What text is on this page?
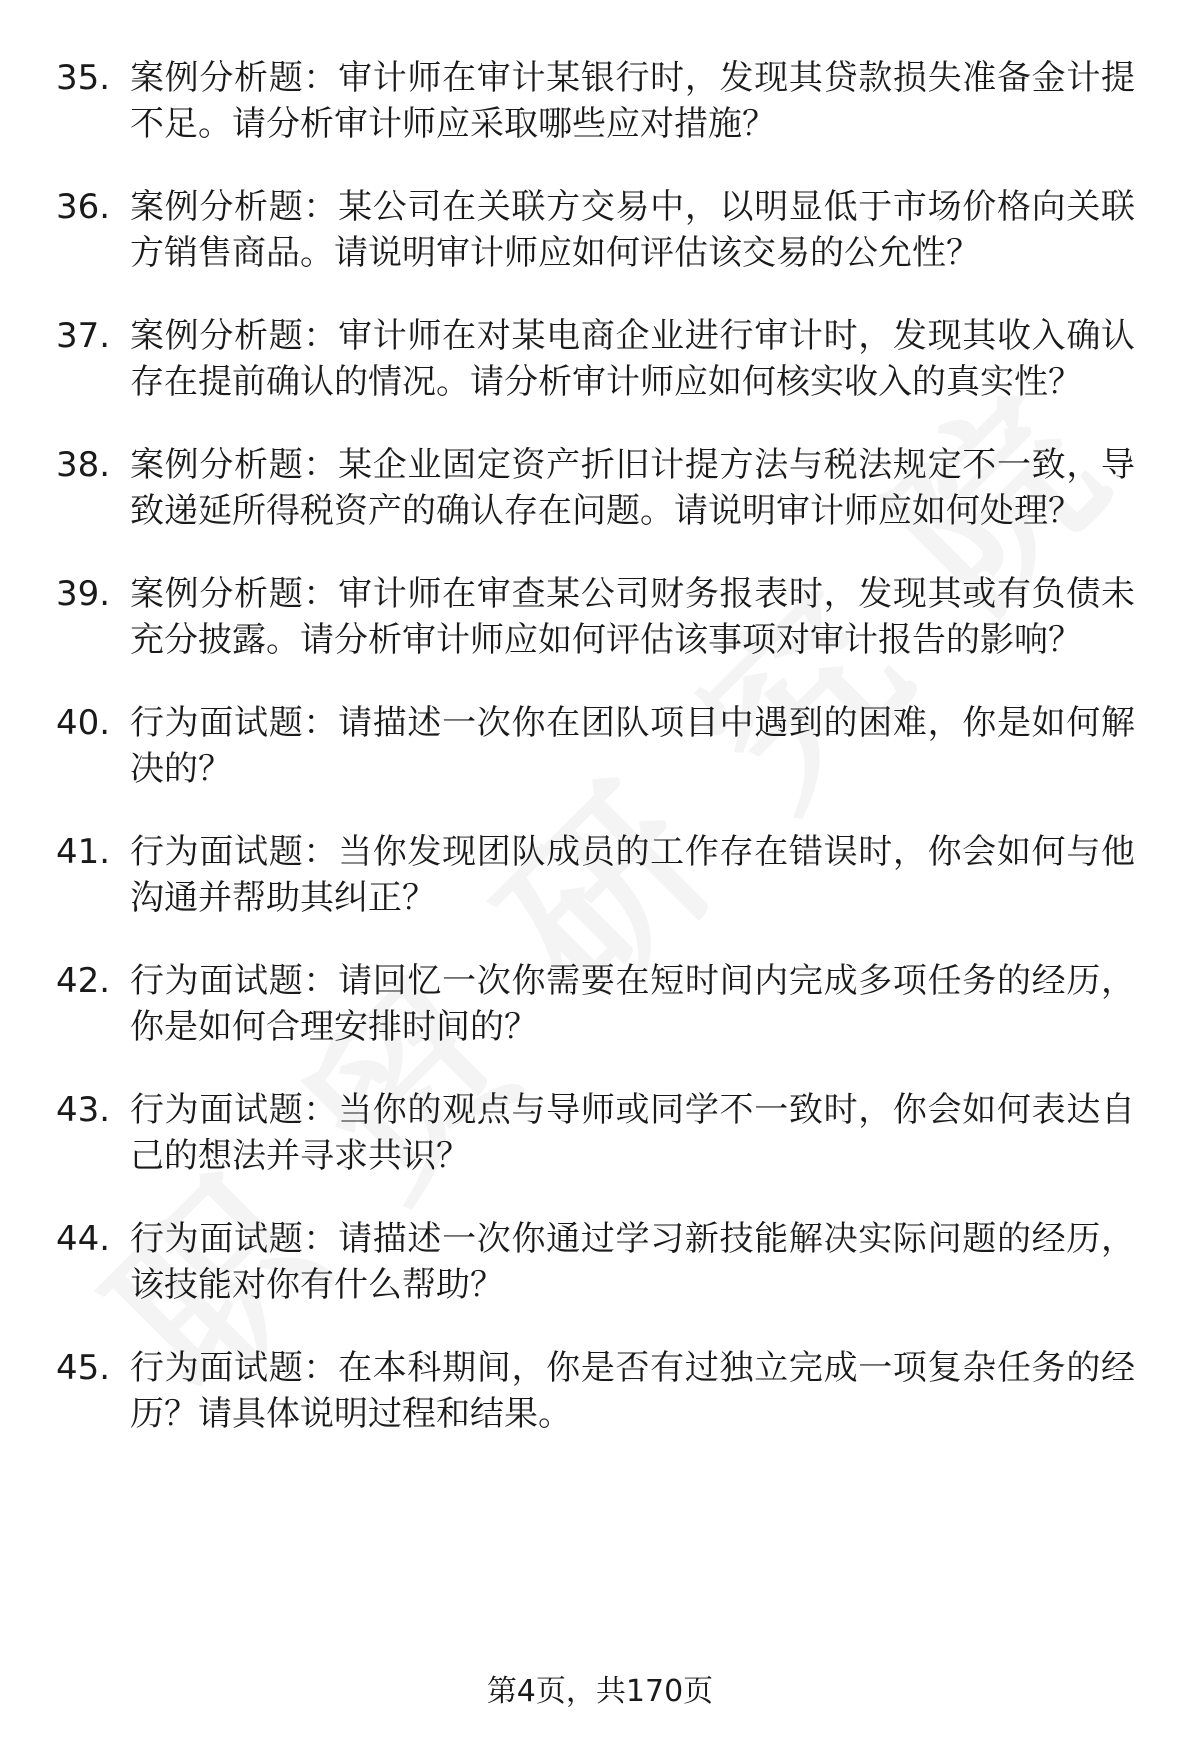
35. 案例分析题：审计师在审计某银行时，发现其贷款损失准备金计提不足。请分析审计师应采取哪些应对措施？
36. 案例分析题：某公司在关联方交易中，以明显低于市场价格向关联方销售商品。请说明审计师应如何评估该交易的公允性？
37. 案例分析题：审计师在对某电商企业进行审计时，发现其收入确认存在提前确认的情况。请分析审计师应如何核实收入的真实性？
38. 案例分析题：某企业固定资产折旧计提方法与税法规定不一致，导致递延所得税资产的确认存在问题。请说明审计师应如何处理？
39. 案例分析题：审计师在审查某公司财务报表时，发现其或有负债未充分披露。请分析审计师应如何评估该事项对审计报告的影响？
40. 行为面试题：请描述一次你在团队项目中遇到的困难，你是如何解决的？
41. 行为面试题：当你发现团队成员的工作存在错误时，你会如何与他沟通并帮助其纠正？
42. 行为面试题：请回忆一次你需要在短时间内完成多项任务的经历，你是如何合理安排时间的？
43. 行为面试题：当你的观点与导师或同学不一致时，你会如何表达自己的想法并寻求共识？
44. 行为面试题：请描述一次你通过学习新技能解决实际问题的经历，该技能对你有什么帮助？
45. 行为面试题：在本科期间，你是否有过独立完成一项复杂任务的经历？请具体说明过程和结果。
第4页，共170页
